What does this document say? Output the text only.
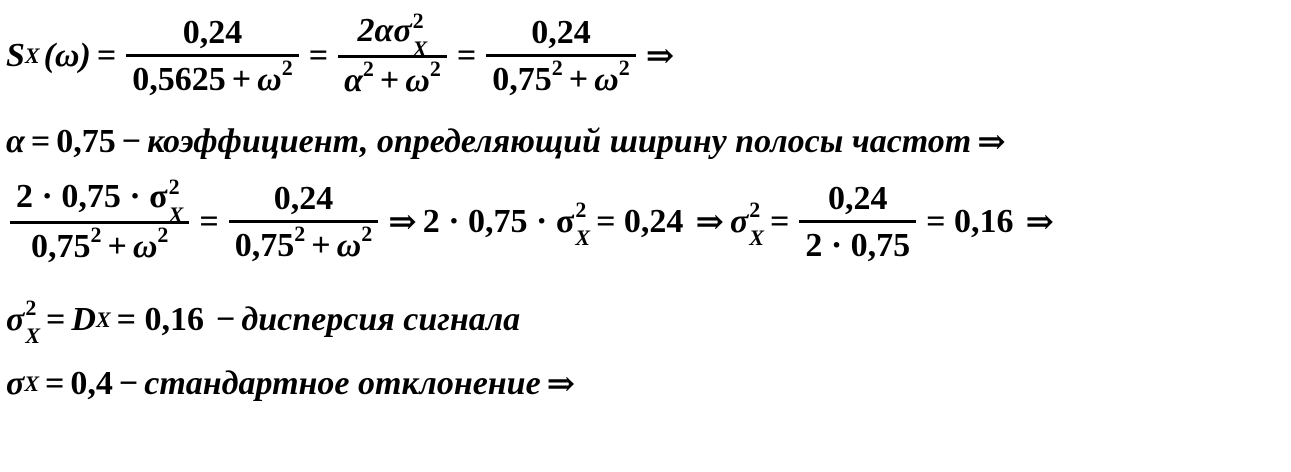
S X $(\omega) = \frac{0,24}{0,5625 + \omega^2} = 2\alpha\sigma$ 2
X
$\alpha^2 + \omega^2 = \frac{0,24}{0,75^2 + \omega^2}$ ⇒
α = 0,75 − коэффициент, определяющий ширину полосы частот ⇒
2 · 0,75 · σ 2
X
$0,75^2 + \omega^2 = \frac{0,24}{0,75^2 + \omega^2}$ ⇒ 2 · 0,75 · σ 2
X = 0,24 ⇒ σ 2
$X = \frac{0,24}{2 \cdot 0,75} = 0,16$ ⇒
σ 2
X = D X = 0,16 − дисперсия сигнала
σ X = 0,4 − стандартное отклонение ⇒
